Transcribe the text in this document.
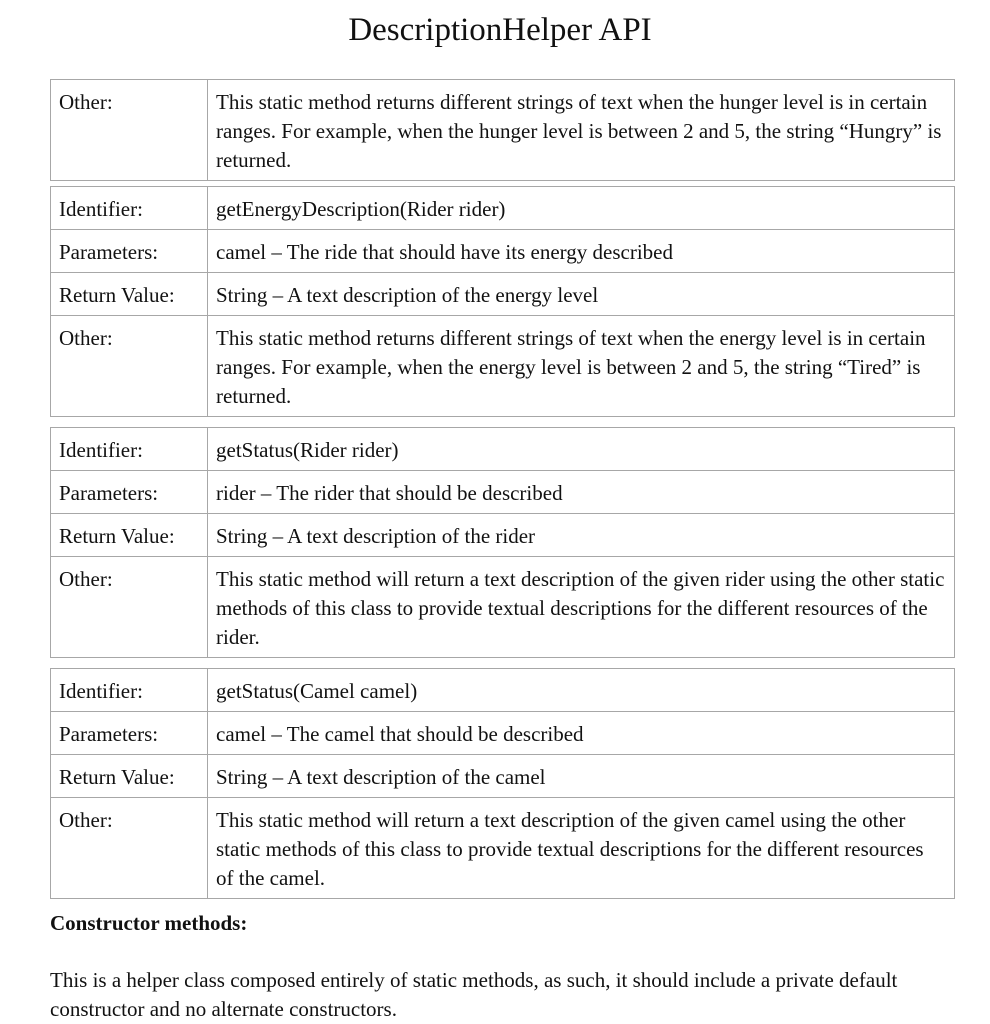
DescriptionHelper API
Other:	This static method returns different strings of text when the hunger level is in certain ranges. For example, when the hunger level is between 2 and 5, the string “Hungry” is returned.
Identifier:	getEnergyDescription(Rider rider)
Parameters:	camel – The ride that should have its energy described
Return Value:	String – A text description of the energy level
Other:	This static method returns different strings of text when the energy level is in certain ranges. For example, when the energy level is between 2 and 5, the string “Tired” is returned.
Identifier:	getStatus(Rider rider)
Parameters:	rider – The rider that should be described
Return Value:	String – A text description of the rider
Other:	This static method will return a text description of the given rider using the other static methods of this class to provide textual descriptions for the different resources of the rider.
Identifier:	getStatus(Camel camel)
Parameters:	camel – The camel that should be described
Return Value:	String – A text description of the camel
Other:	This static method will return a text description of the given camel using the other static methods of this class to provide textual descriptions for the different resources of the camel.

Constructor methods:

This is a helper class composed entirely of static methods, as such, it should include a private default constructor and no alternate constructors.
